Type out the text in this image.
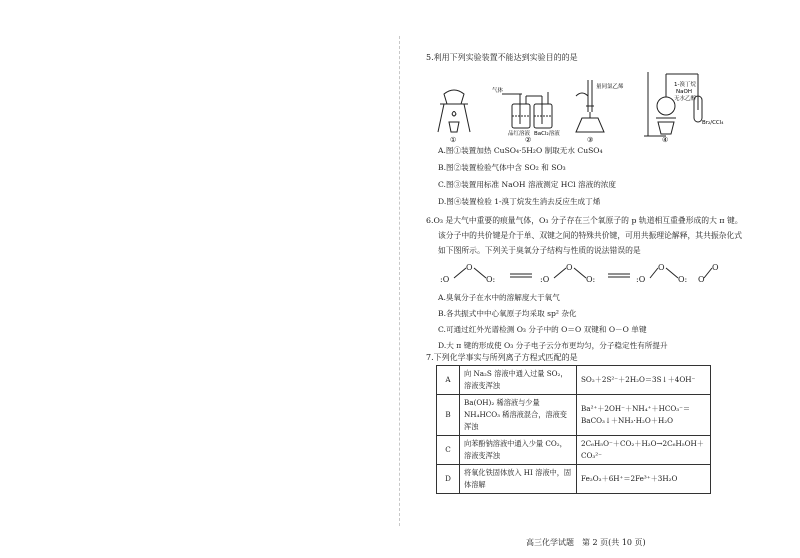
5.利用下列实验装置不能达到实验目的的是
①	②	③	④
气体
品红溶液 BaCl₂溶液
量同氯乙烯	1-溴丁烷
NaOH
无水乙醇
Br₂/CCl₄
A.图①装置加热 CuSO₄·5H₂O 制取无水 CuSO₄
B.图②装置检验气体中含 SO₂ 和 SO₃
C.图③装置用标准 NaOH 溶液测定 HCl 溶液的浓度
D.图④装置检验 1-溴丁烷发生消去反应生成丁烯
6.O₃ 是大气中重要的痕量气体，O₃ 分子存在三个氧原子的 p 轨道相互重叠形成的大 π 键。
该分子中的共价键是介于单、双键之间的特殊共价键，可用共振理论解释，其共振杂化式
如下图所示。下列关于臭氧分子结构与性质的说法错误的是
:O
O
O:	:O
O
O:	:O
O
O: O
O
A.臭氧分子在水中的溶解度大于氧气
B.各共振式中中心氧原子均采取 sp² 杂化
C.可通过红外光谱检测 O₃ 分子中的 O＝O 双键和 O－O 单键
D.大 π 键的形成使 O₃ 分子电子云分布更均匀，分子稳定性有所提升
7.下列化学事实与所列离子方程式匹配的是
A	向 Na₂S 溶液中通入过量 SO₂，溶液变浑浊	SO₂＋2S²⁻＋2H₂O＝3S↓＋4OH⁻
B	Ba(OH)₂ 稀溶液与少量 NH₄HCO₃ 稀溶液混合，溶液变浑浊	Ba²⁺＋2OH⁻＋NH₄⁺＋HCO₃⁻＝BaCO₃↓＋NH₃·H₂O＋H₂O
C	向苯酚钠溶液中通入少量 CO₂，溶液变浑浊	2C₆H₅O⁻＋CO₂＋H₂O→2C₆H₅OH＋CO₃²⁻
D	将氧化铁固体放入 HI 溶液中，固体溶解	Fe₂O₃＋6H⁺＝2Fe³⁺＋3H₂O
高三化学试题　第 2 页(共 10 页)
